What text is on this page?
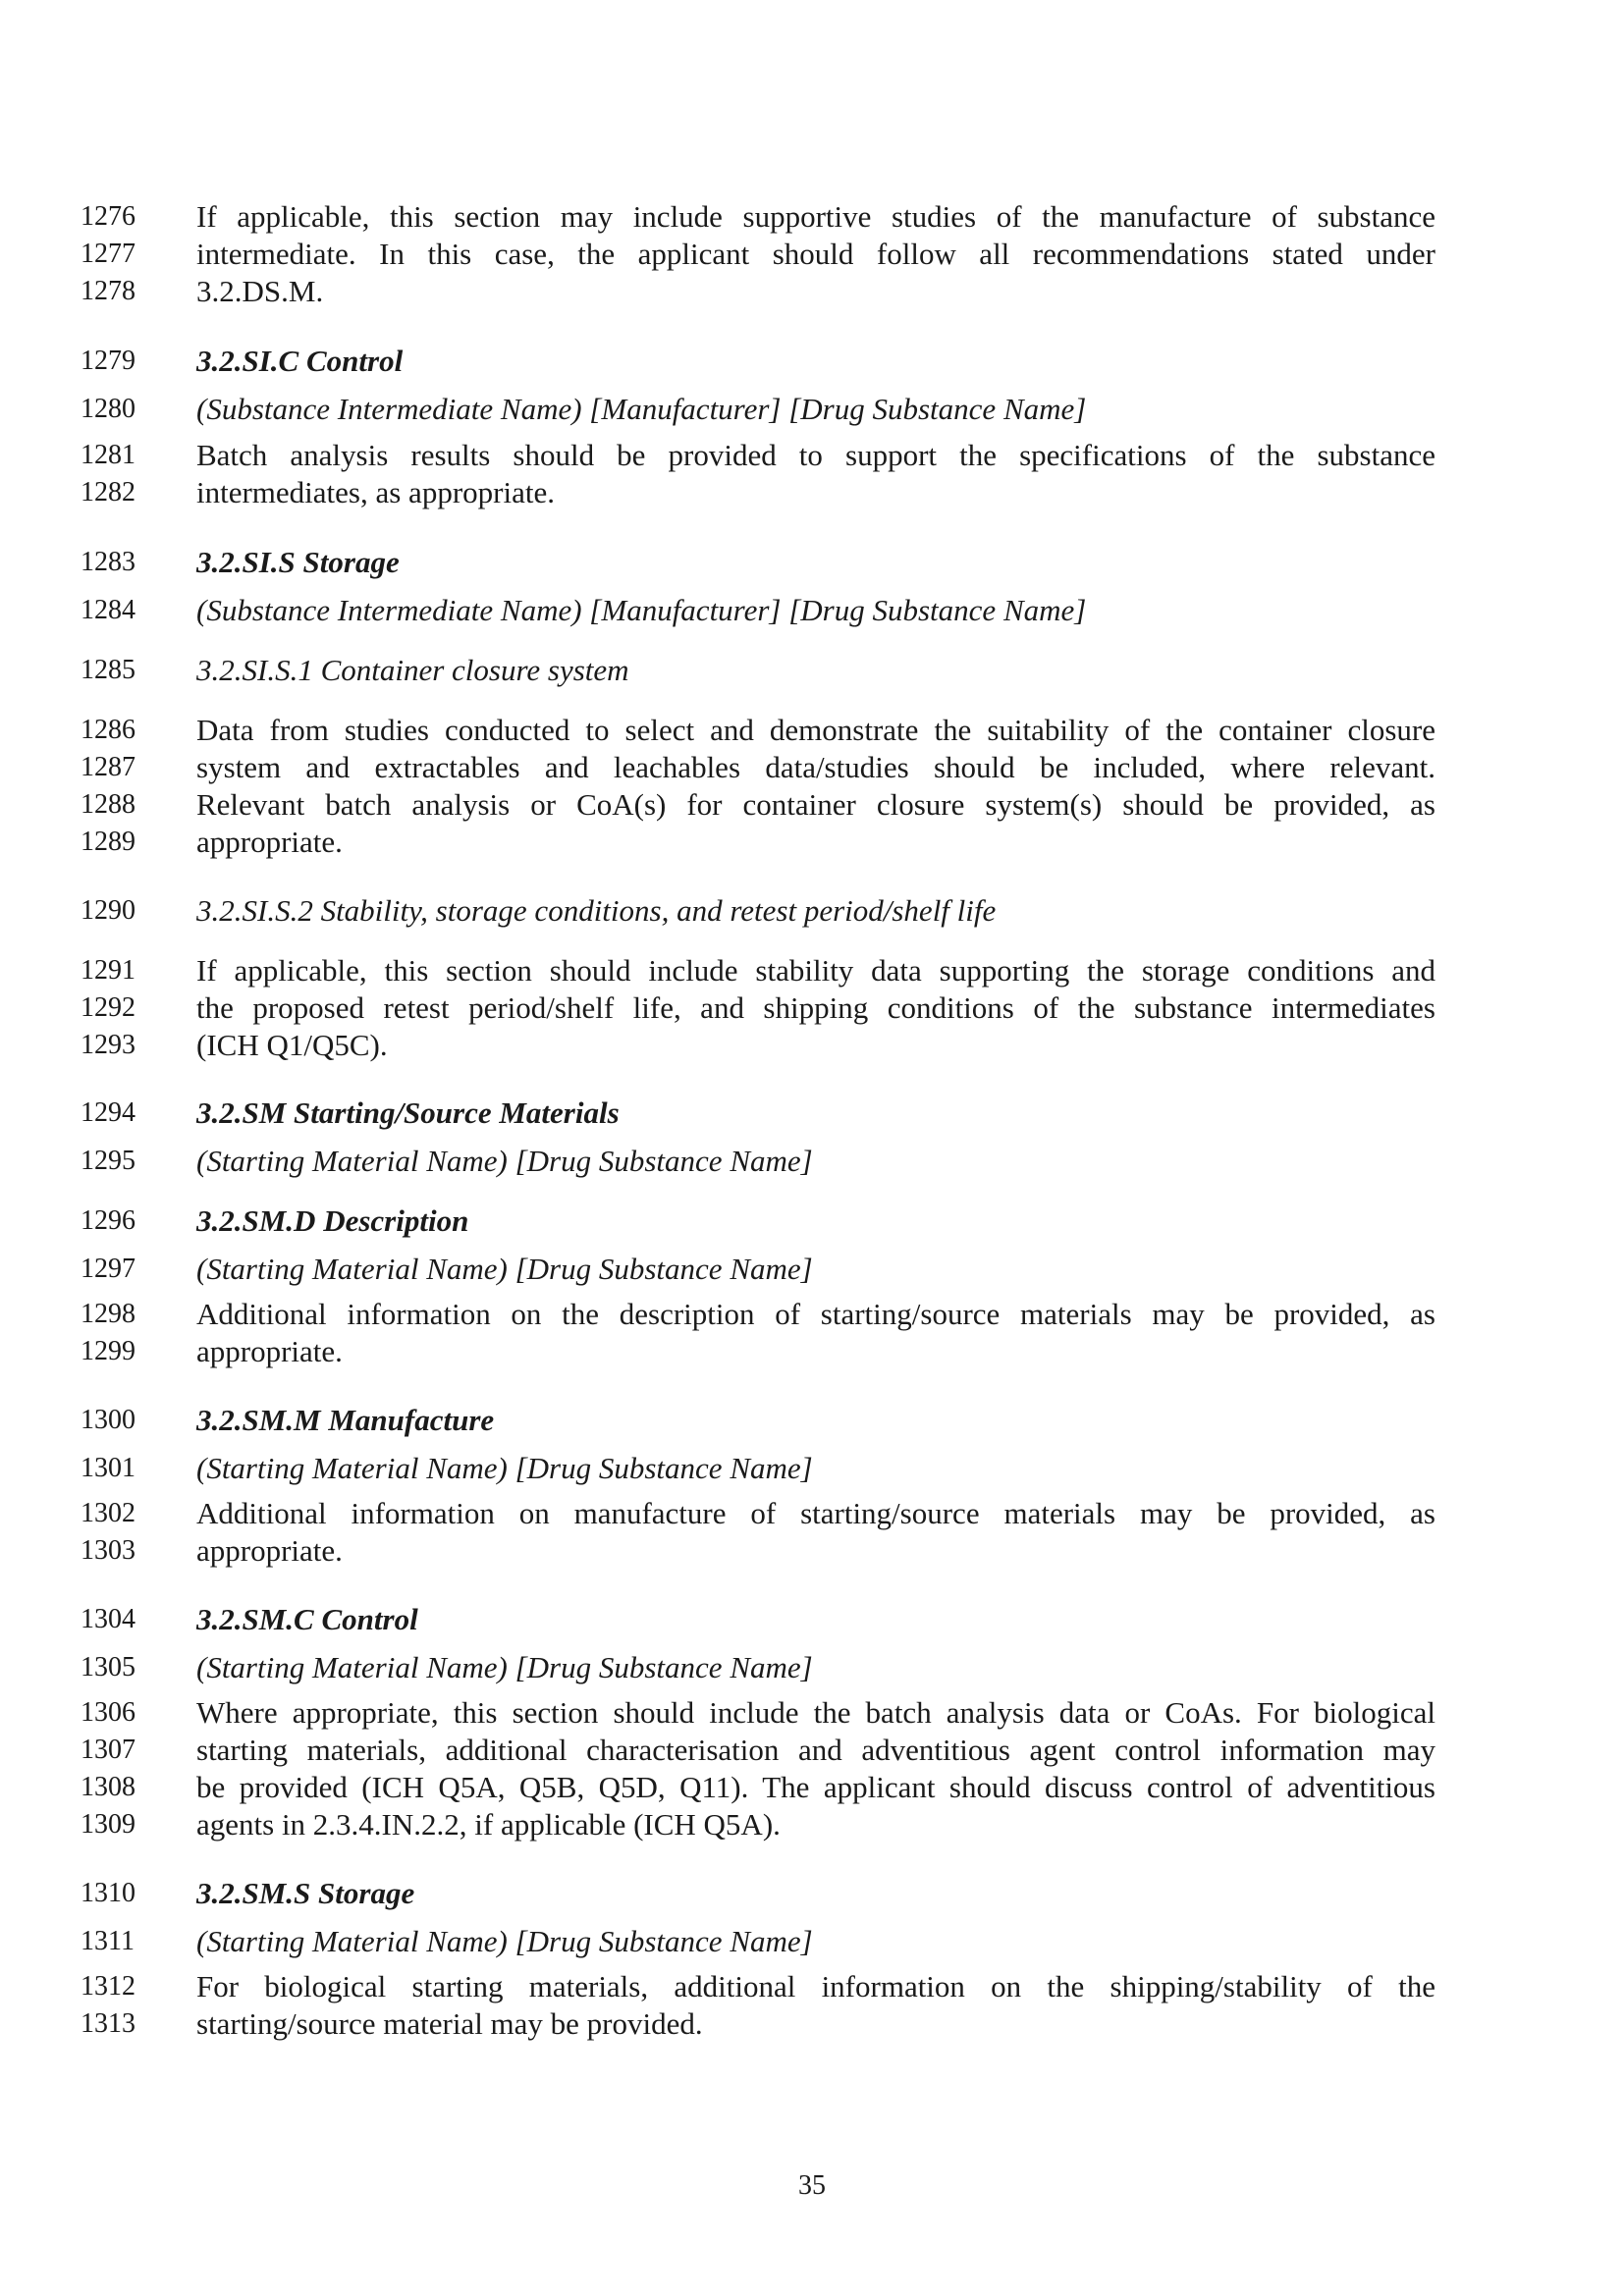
1276 If applicable, this section may include supportive studies of the manufacture of substance
1277 intermediate. In this case, the applicant should follow all recommendations stated under
1278 3.2.DS.M.
1279 3.2.SI.C Control
1280 (Substance Intermediate Name) [Manufacturer] [Drug Substance Name]
1281 Batch analysis results should be provided to support the specifications of the substance
1282 intermediates, as appropriate.
1283 3.2.SI.S Storage
1284 (Substance Intermediate Name) [Manufacturer] [Drug Substance Name]
1285 3.2.SI.S.1 Container closure system
1286 Data from studies conducted to select and demonstrate the suitability of the container closure
1287 system and extractables and leachables data/studies should be included, where relevant.
1288 Relevant batch analysis or CoA(s) for container closure system(s) should be provided, as
1289 appropriate.
1290 3.2.SI.S.2 Stability, storage conditions, and retest period/shelf life
1291 If applicable, this section should include stability data supporting the storage conditions and
1292 the proposed retest period/shelf life, and shipping conditions of the substance intermediates
1293 (ICH Q1/Q5C).
1294 3.2.SM Starting/Source Materials
1295 (Starting Material Name) [Drug Substance Name]
1296 3.2.SM.D Description
1297 (Starting Material Name) [Drug Substance Name]
1298 Additional information on the description of starting/source materials may be provided, as
1299 appropriate.
1300 3.2.SM.M Manufacture
1301 (Starting Material Name) [Drug Substance Name]
1302 Additional information on manufacture of starting/source materials may be provided, as
1303 appropriate.
1304 3.2.SM.C Control
1305 (Starting Material Name) [Drug Substance Name]
1306 Where appropriate, this section should include the batch analysis data or CoAs. For biological
1307 starting materials, additional characterisation and adventitious agent control information may
1308 be provided (ICH Q5A, Q5B, Q5D, Q11). The applicant should discuss control of adventitious
1309 agents in 2.3.4.IN.2.2, if applicable (ICH Q5A).
1310 3.2.SM.S Storage
1311 (Starting Material Name) [Drug Substance Name]
1312 For biological starting materials, additional information on the shipping/stability of the
1313 starting/source material may be provided.
35
